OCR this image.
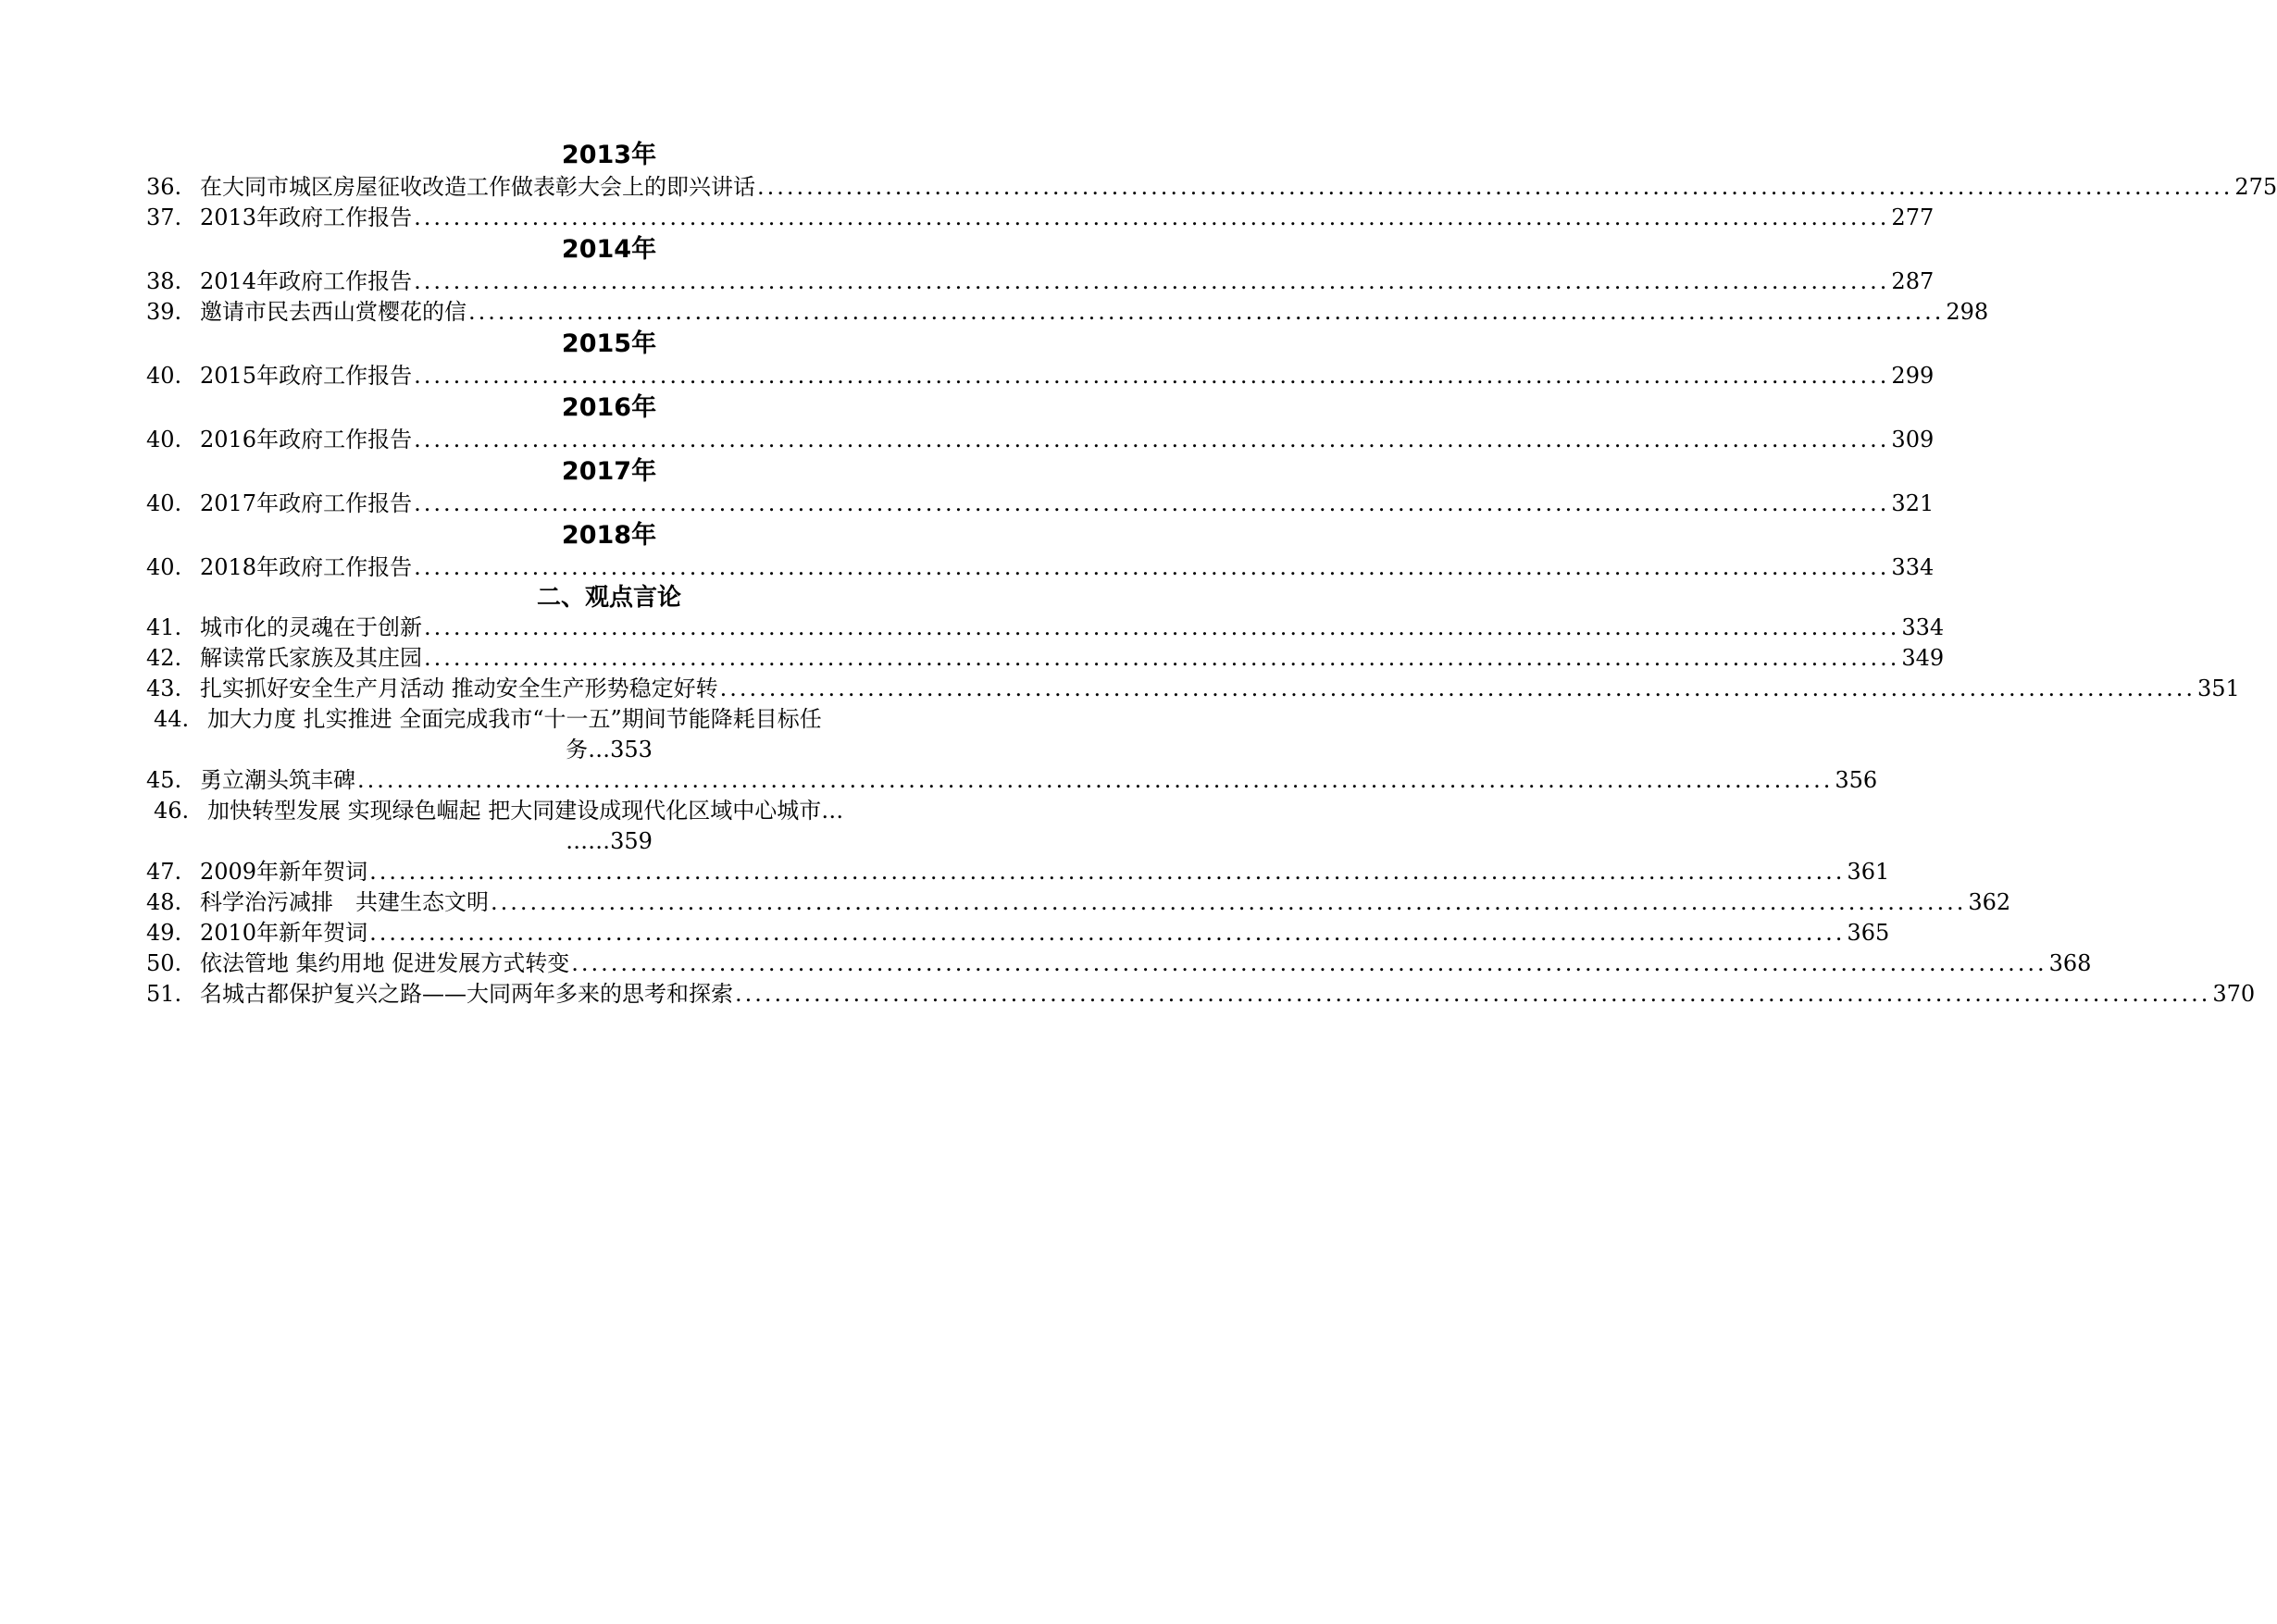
2013年
36. 在大同市城区房屋征收改造工作做表彰大会上的即兴讲话 ...................................................................................................................................................... 275
37. 2013年政府工作报告 ...................................................................................................................................................... 277
2014年
38. 2014年政府工作报告 ...................................................................................................................................................... 287
39. 邀请市民去西山赏樱花的信 ...................................................................................................................................................... 298
2015年
40. 2015年政府工作报告 ...................................................................................................................................................... 299
2016年
40. 2016年政府工作报告 ...................................................................................................................................................... 309
2017年
40. 2017年政府工作报告 ...................................................................................................................................................... 321
2018年
40. 2018年政府工作报告 ...................................................................................................................................................... 334
二、观点言论
41. 城市化的灵魂在于创新 ...................................................................................................................................................... 334
42. 解读常氏家族及其庄园 ...................................................................................................................................................... 349
43. 扎实抓好安全生产月活动 推动安全生产形势稳定好转 ...................................................................................................................................................... 351
44. 加大力度 扎实推进 全面完成我市“十一五”期间节能降耗目标任
务…353
45. 勇立潮头筑丰碑 ...................................................................................................................................................... 356
46. 加快转型发展 实现绿色崛起 把大同建设成现代化区域中心城市…
……359
47. 2009年新年贺词 ...................................................................................................................................................... 361
48. 科学治污减排　共建生态文明 ...................................................................................................................................................... 362
49. 2010年新年贺词 ...................................................................................................................................................... 365
50. 依法管地 集约用地 促进发展方式转变 ...................................................................................................................................................... 368
51. 名城古都保护复兴之路——大同两年多来的思考和探索 ...................................................................................................................................................... 370
